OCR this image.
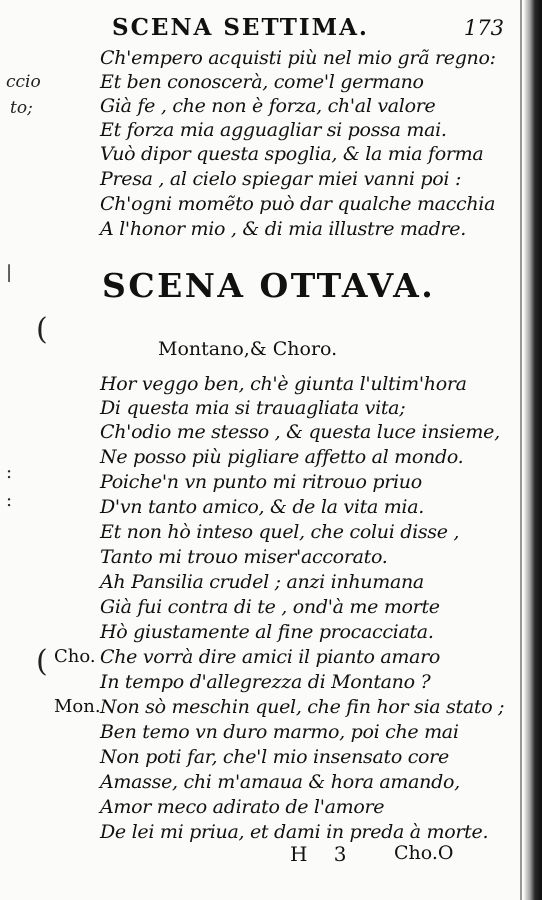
ccio
to;
|
(
:
:
(
SCENA SETTIMA.	173
Ch'empero acquisti più nel mio grã regno:
Et ben conoscerà, come'l germano
Già fe , che non è forza, ch'al valore
Et forza mia agguagliar si possa mai.
Vuò dipor questa spoglia, & la mia forma
Presa , al cielo spiegar miei vanni poi :
Ch'ogni momẽto può dar qualche macchia
A l'honor mio , & di mia illustre madre.
SCENA OTTAVA.
Montano,& Choro.
Hor veggo ben, ch'è giunta l'ultim'hora
Di questa mia si trauagliata vita;
Ch'odio me stesso , & questa luce insieme,
Ne posso più pigliare affetto al mondo.
Poiche'n vn punto mi ritrouo priuo
D'vn tanto amico, & de la vita mia.
Et non hò inteso quel, che colui disse ,
Tanto mi trouo miser'accorato.
Ah Pansilia crudel ; anzi inhumana
Già fui contra di te , ond'à me morte
Hò giustamente al fine procacciata.
Cho. Che vorrà dire amici il pianto amaro
In tempo d'allegrezza di Montano ?
Mon. Non sò meschin quel, che fin hor sia stato ;
Ben temo vn duro marmo, poi che mai
Non poti far, che'l mio insensato core
Amasse, chi m'amaua & hora amando,
Amor meco adirato de l'amore
De lei mi priua, et dami in preda à morte.
H 3 Cho.O
